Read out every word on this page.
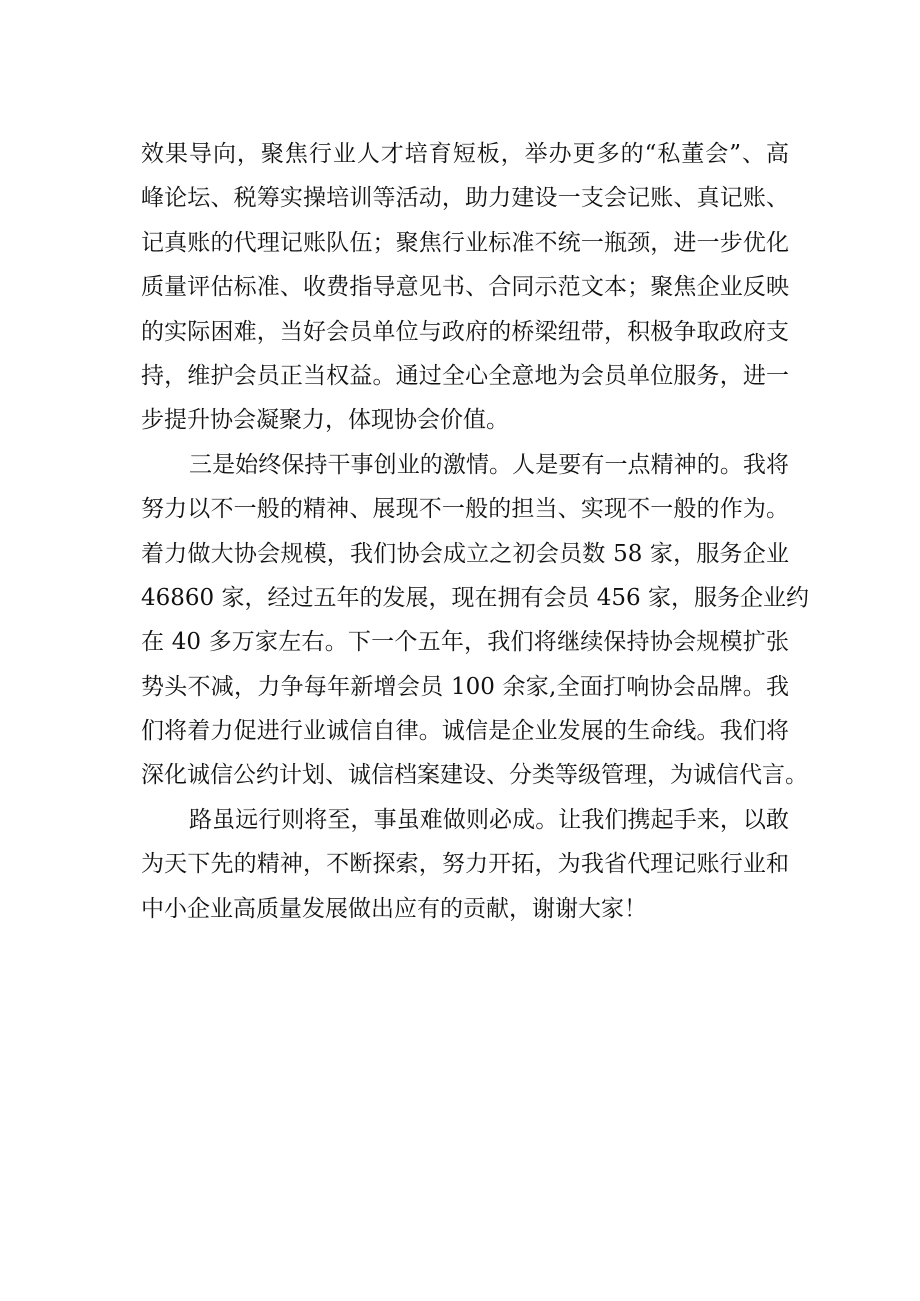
效果导向，聚焦行业人才培育短板，举办更多的“私董会”、高
峰论坛、税筹实操培训等活动，助力建设一支会记账、真记账、
记真账的代理记账队伍；聚焦行业标准不统一瓶颈，进一步优化
质量评估标准、收费指导意见书、合同示范文本；聚焦企业反映
的实际困难，当好会员单位与政府的桥梁纽带，积极争取政府支
持，维护会员正当权益。通过全心全意地为会员单位服务，进一
步提升协会凝聚力，体现协会价值。
三是始终保持干事创业的激情。人是要有一点精神的。我将
努力以不一般的精神、展现不一般的担当、实现不一般的作为。
着力做大协会规模，我们协会成立之初会员数 58 家，服务企业
46860 家，经过五年的发展，现在拥有会员 456 家，服务企业约
在 40 多万家左右。下一个五年，我们将继续保持协会规模扩张
势头不减，力争每年新增会员 100 余家,全面打响协会品牌。我
们将着力促进行业诚信自律。诚信是企业发展的生命线。我们将
深化诚信公约计划、诚信档案建设、分类等级管理，为诚信代言。
路虽远行则将至，事虽难做则必成。让我们携起手来，以敢
为天下先的精神，不断探索，努力开拓，为我省代理记账行业和
中小企业高质量发展做出应有的贡献，谢谢大家！
